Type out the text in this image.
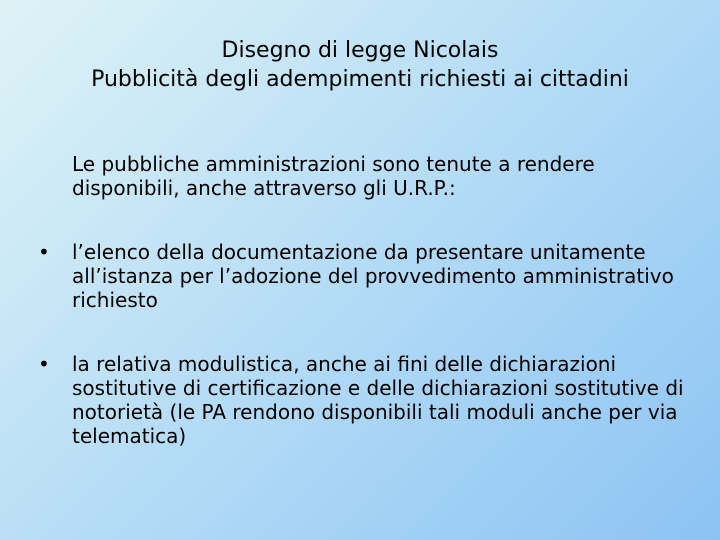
Disegno di legge Nicolais
Pubblicità degli adempimenti richiesti ai cittadini
Le pubbliche amministrazioni sono tenute a rendere disponibili, anche attraverso gli U.R.P.:
•	l’elenco della documentazione da presentare unitamente all’istanza per l’adozione del provvedimento amministrativo richiesto
•	la relativa modulistica, anche ai fini delle dichiarazioni sostitutive di certificazione e delle dichiarazioni sostitutive di notorietà (le PA rendono disponibili tali moduli anche per via telematica)
